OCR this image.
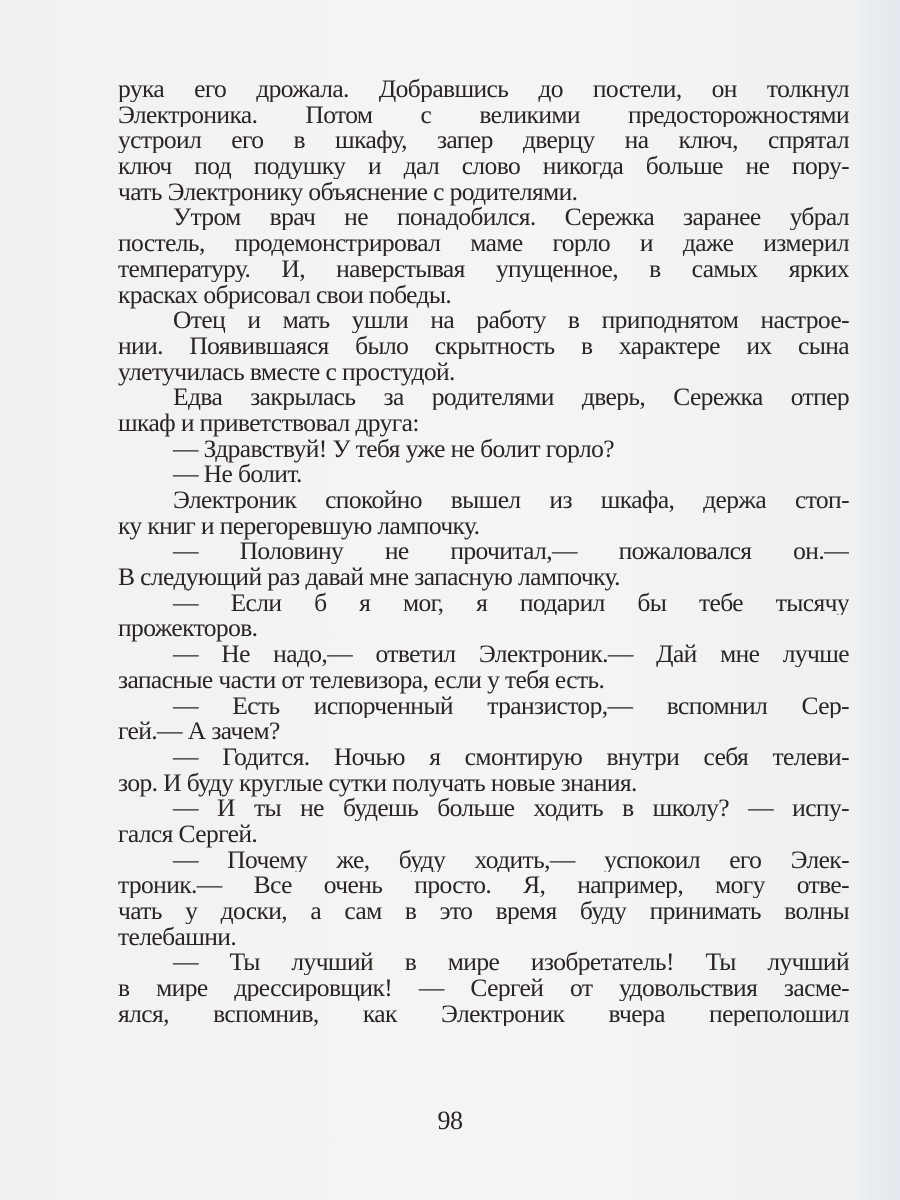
рука его дрожала. Добравшись до постели, он толкнул
Электроника. Потом с великими предосторожностями
устроил его в шкафу, запер дверцу на ключ, спрятал
ключ под подушку и дал слово никогда больше не пору-
чать Электронику объяснение с родителями.
Утром врач не понадобился. Сережка заранее убрал
постель, продемонстрировал маме горло и даже измерил
температуру. И, наверстывая упущенное, в самых ярких
красках обрисовал свои победы.
Отец и мать ушли на работу в приподнятом настрое-
нии. Появившаяся было скрытность в характере их сына
улетучилась вместе с простудой.
Едва закрылась за родителями дверь, Сережка отпер
шкаф и приветствовал друга:
— Здравствуй! У тебя уже не болит горло?
— Не болит.
Электроник спокойно вышел из шкафа, держа стоп-
ку книг и перегоревшую лампочку.
— Половину не прочитал,— пожаловался он.—
В следующий раз давай мне запасную лампочку.
— Если б я мог, я подарил бы тебе тысячу
прожекторов.
— Не надо,— ответил Электроник.— Дай мне лучше
запасные части от телевизора, если у тебя есть.
— Есть испорченный транзистор,— вспомнил Сер-
гей.— А зачем?
— Годится. Ночью я смонтирую внутри себя телеви-
зор. И буду круглые сутки получать новые знания.
— И ты не будешь больше ходить в школу? — испу-
гался Сергей.
— Почему же, буду ходить,— успокоил его Элек-
троник.— Все очень просто. Я, например, могу отве-
чать у доски, а сам в это время буду принимать волны
телебашни.
— Ты лучший в мире изобретатель! Ты лучший
в мире дрессировщик! — Сергей от удовольствия засме-
ялся, вспомнив, как Электроник вчера переполошил
98
